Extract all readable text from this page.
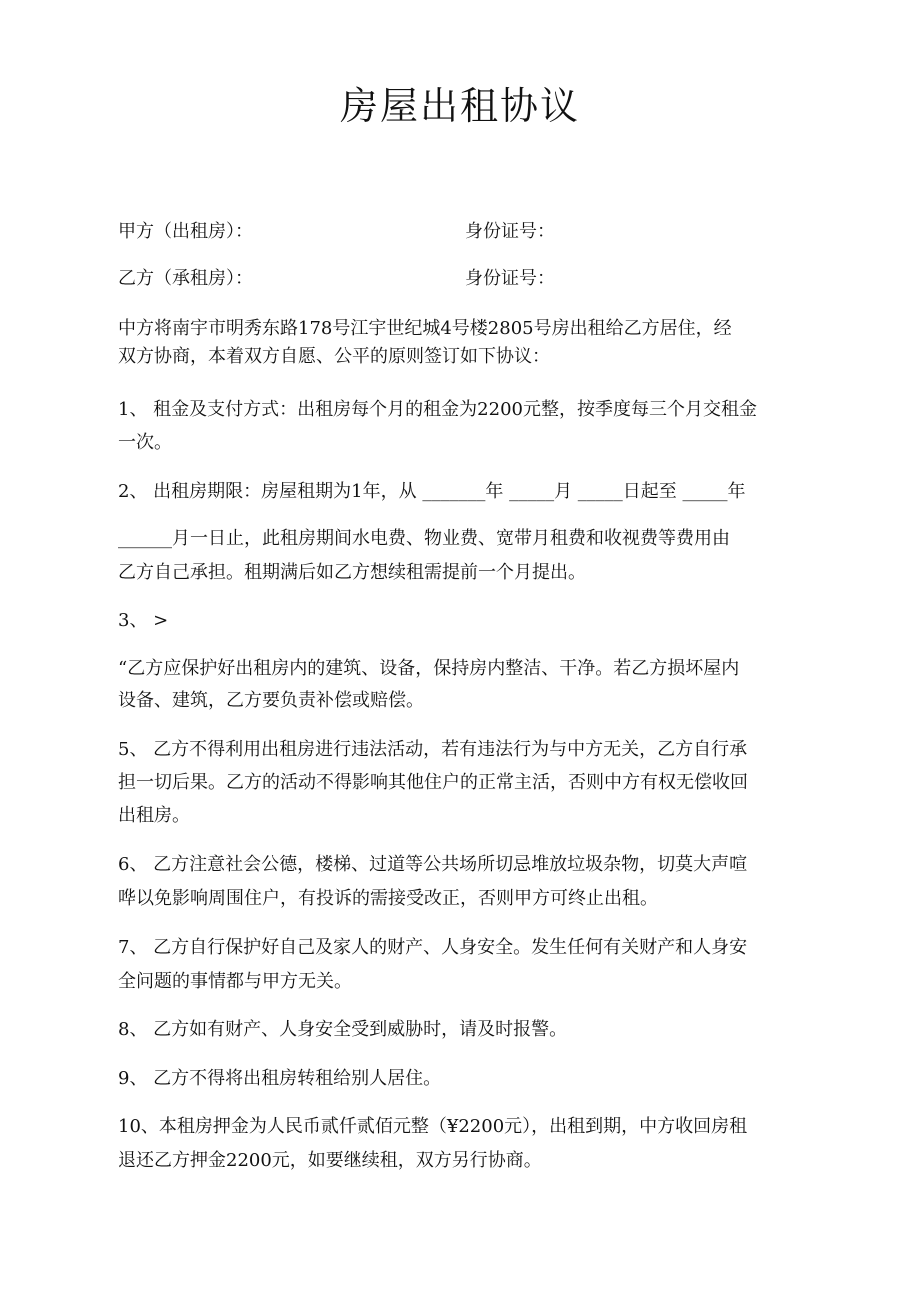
房屋出租协议
甲方（出租房）：	身份证号：
乙方（承租房）：	身份证号：
中方将南宇市明秀东路178号江宇世纪城4号楼2805号房出租给乙方居住，经
双方协商，本着双方自愿、公平的原则签订如下协议：
1、 租金及支付方式：出租房每个月的租金为2200元整，按季度每三个月交租金
一次。
2、 出租房期限：房屋租期为1年，从 _______年 _____月 _____日起至 _____年
______月一日止，此租房期间水电费、物业费、宽带月租费和收视费等费用由
乙方自己承担。租期满后如乙方想续租需提前一个月提出。
3、 >
“乙方应保护好出租房内的建筑、设备，保持房内整洁、干净。若乙方损坏屋内
设备、建筑，乙方要负责补偿或赔偿。
5、 乙方不得利用出租房进行违法活动，若有违法行为与中方无关，乙方自行承
担一切后果。乙方的活动不得影响其他住户的正常主活，否则中方有权无偿收回
出租房。
6、 乙方注意社会公德，楼梯、过道等公共场所切忌堆放垃圾杂物，切莫大声喧
哗以免影响周围住户，有投诉的需接受改正，否则甲方可终止出租。
7、 乙方自行保护好自己及家人的财产、人身安全。发生任何有关财产和人身安
全问题的事情都与甲方无关。
8、 乙方如有财产、人身安全受到威胁时，请及时报警。
9、 乙方不得将出租房转租给别人居住。
10、本租房押金为人民币贰仟贰佰元整（¥2200元），出租到期，中方收回房租
退还乙方押金2200元，如要继续租，双方另行协商。
